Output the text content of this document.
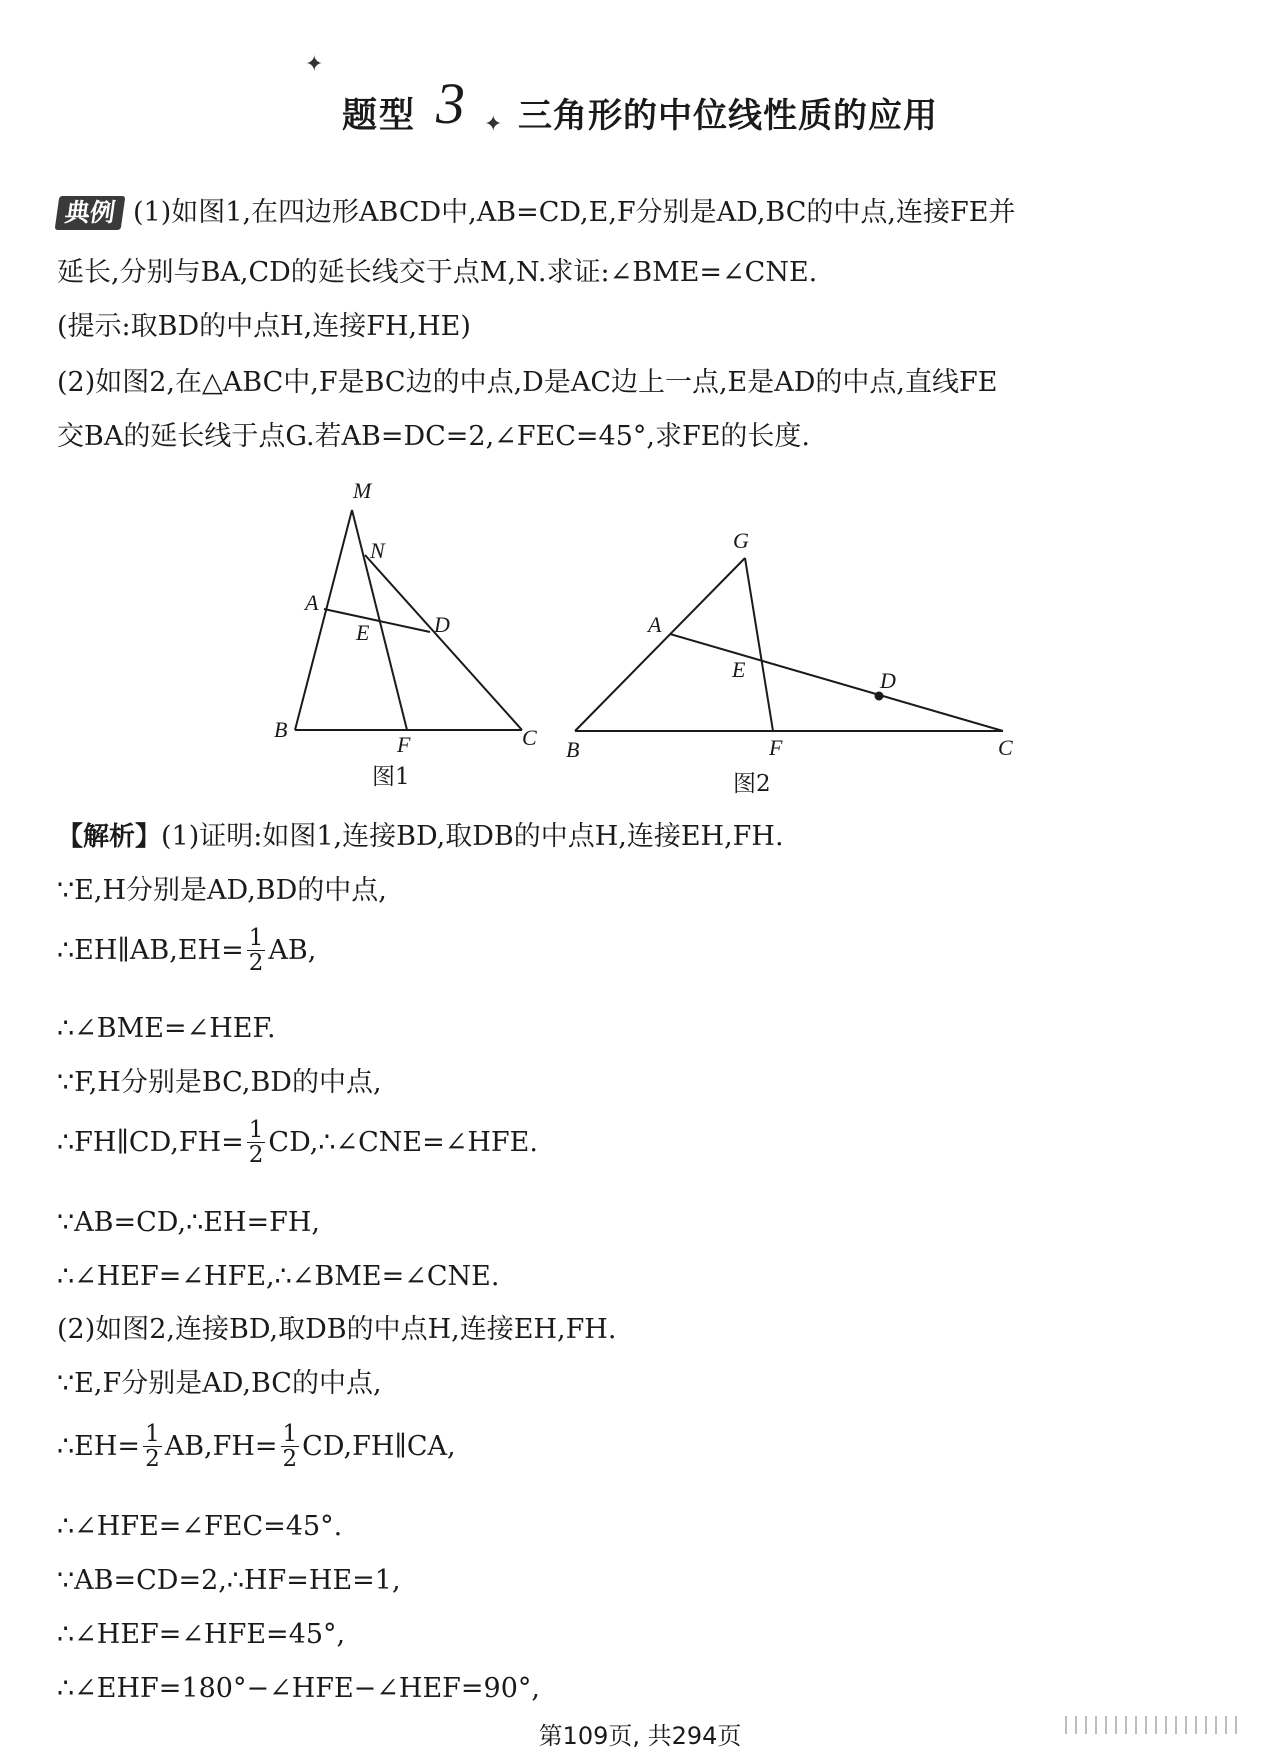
✦
题型 3 ✦ 三角形的中位线性质的应用
典例 (1)如图1,在四边形ABCD中,AB=CD,E,F分别是AD,BC的中点,连接FE并
延长,分别与BA,CD的延长线交于点M,N.求证:∠BME=∠CNE.
(提示:取BD的中点H,连接FH,HE)
(2)如图2,在△ABC中,F是BC边的中点,D是AC边上一点,E是AD的中点,直线FE
交BA的延长线于点G.若AB=DC=2,∠FEC=45°,求FE的长度.
M
N
A
E	D
B
F	C
图1
G
A
E	D
B	F	C
图2
【解析】(1)证明:如图1,连接BD,取DB的中点H,连接EH,FH.
∵E,H分别是AD,BD的中点,
∴EH∥AB,EH= $\frac{1}{2}$ AB,
∴∠BME=∠HEF.
∵F,H分别是BC,BD的中点,
∴FH∥CD,FH= $\frac{1}{2}$ CD,∴∠CNE=∠HFE.
∵AB=CD,∴EH=FH,
∴∠HEF=∠HFE,∴∠BME=∠CNE.
(2)如图2,连接BD,取DB的中点H,连接EH,FH.
∵E,F分别是AD,BC的中点,
∴EH= $\frac{1}{2} AB,FH= \frac{1}{2}$ CD,FH∥CA,
∴∠HFE=∠FEC=45°.
∵AB=CD=2,∴HF=HE=1,
∴∠HEF=∠HFE=45°,
∴∠EHF=180°−∠HFE−∠HEF=90°,
第109页, 共294页
